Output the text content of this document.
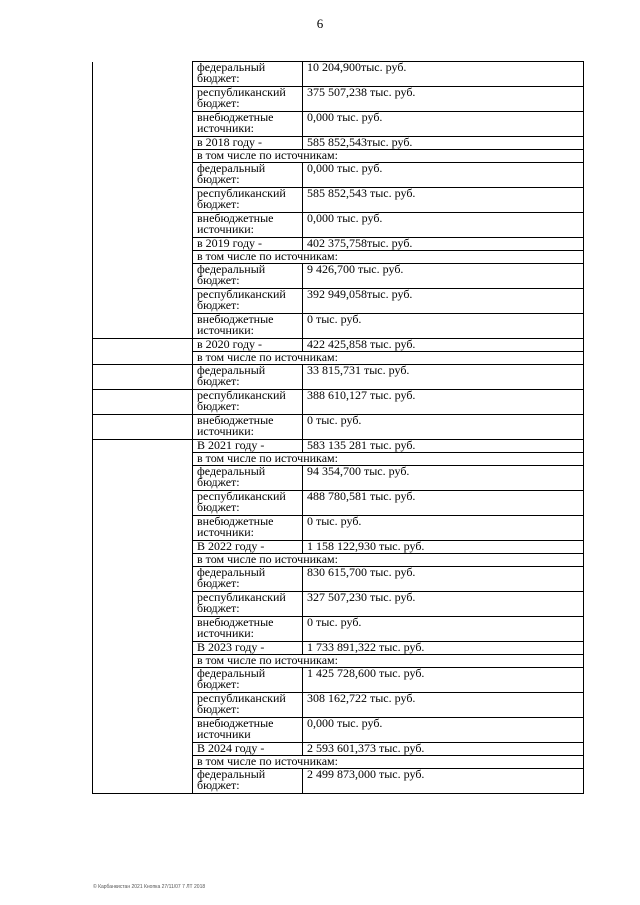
6
	федеральный бюджет:	10 204,900тыс. руб.
	республиканский бюджет:	375 507,238 тыс. руб.
	внебюджетные источники:	0,000 тыс. руб.
	в 2018 году -	585 852,543тыс. руб.
	в том числе по источникам:	
	федеральный бюджет:	0,000 тыс. руб.
	республиканский бюджет:	585 852,543 тыс. руб.
	внебюджетные источники:	0,000 тыс. руб.
	в 2019 году -	402 375,758тыс. руб.
	в том числе по источникам:	
	федеральный бюджет:	9 426,700 тыс. руб.
	республиканский бюджет:	392 949,058тыс. руб.
	внебюджетные источники:	0 тыс. руб.
	в 2020 году -	422 425,858 тыс. руб.
	в том числе по источникам:	
	федеральный бюджет:	33 815,731 тыс. руб.
	республиканский бюджет:	388 610,127 тыс. руб.
	внебюджетные источники:	0 тыс. руб.
	В 2021 году -	583 135 281 тыс. руб.
	в том числе по источникам:	
	федеральный бюджет:	94 354,700 тыс. руб.
	республиканский бюджет:	488 780,581 тыс. руб.
	внебюджетные источники:	0 тыс. руб.
	В 2022 году -	1 158 122,930 тыс. руб.
	в том числе по источникам:	
	федеральный бюджет:	830 615,700 тыс. руб.
	республиканский бюджет:	327 507,230 тыс. руб.
	внебюджетные источники:	0 тыс. руб.
	В 2023 году -	1 733 891,322 тыс. руб.
	в том числе по источникам:	
	федеральный бюджет:	1 425 728,600 тыс. руб.
	республиканский бюджет:	308 162,722 тыс. руб.
	внебюджетные источники	0,000 тыс. руб.
	В 2024 году -	2 593 601,373 тыс. руб.
	в том числе по источникам:	
	федеральный бюджет:	2 499 873,000 тыс. руб.
© Карбанкистан 2021 Кнопка 27/11/07 7 ЛТ 2018
